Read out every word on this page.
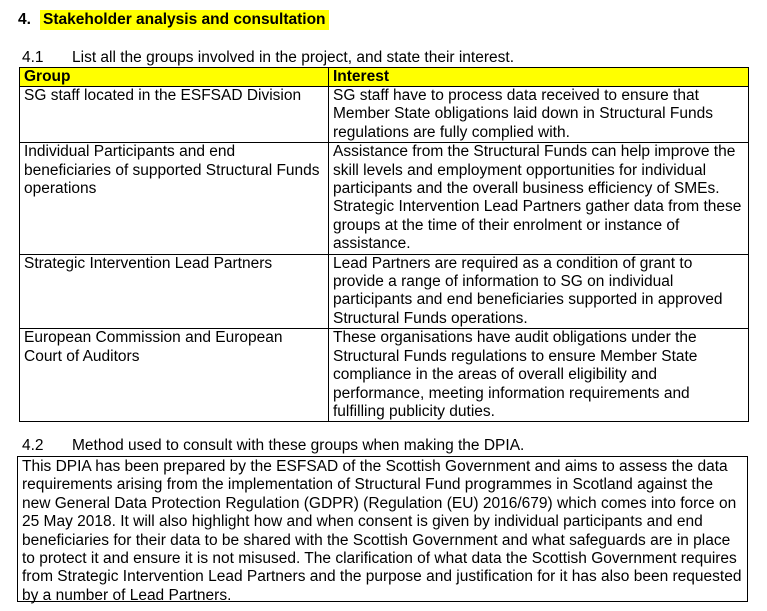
4. Stakeholder analysis and consultation
4.1 List all the groups involved in the project, and state their interest.
Group	Interest
SG staff located in the ESFSAD Division	SG staff have to process data received to ensure that Member State obligations laid down in Structural Funds regulations are fully complied with.
Individual Participants and end beneficiaries of supported Structural Funds operations	Assistance from the Structural Funds can help improve the skill levels and employment opportunities for individual participants and the overall business efficiency of SMEs. Strategic Intervention Lead Partners gather data from these groups at the time of their enrolment or instance of assistance.
Strategic Intervention Lead Partners	Lead Partners are required as a condition of grant to provide a range of information to SG on individual participants and end beneficiaries supported in approved Structural Funds operations.
European Commission and European Court of Auditors	These organisations have audit obligations under the Structural Funds regulations to ensure Member State compliance in the areas of overall eligibility and performance, meeting information requirements and fulfilling publicity duties.
4.2 Method used to consult with these groups when making the DPIA.
This DPIA has been prepared by the ESFSAD of the Scottish Government and aims to assess the data requirements arising from the implementation of Structural Fund programmes in Scotland against the new General Data Protection Regulation (GDPR) (Regulation (EU) 2016/679) which comes into force on 25 May 2018. It will also highlight how and when consent is given by individual participants and end beneficiaries for their data to be shared with the Scottish Government and what safeguards are in place to protect it and ensure it is not misused. The clarification of what data the Scottish Government requires from Strategic Intervention Lead Partners and the purpose and justification for it has also been requested by a number of Lead Partners.
